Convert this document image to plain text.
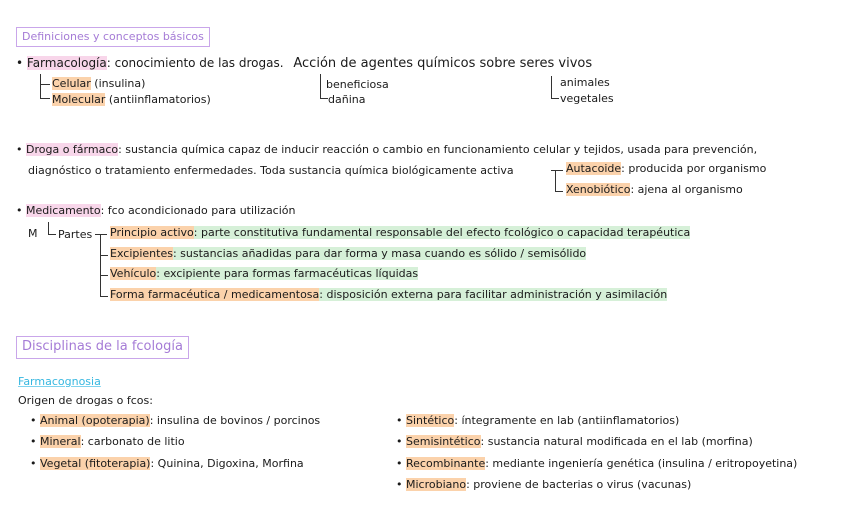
Definiciones y conceptos básicos
• Farmacología: conocimiento de las drogas. Acción de agentes químicos sobre seres vivos
Celular (insulina)
Molecular (antiinflamatorios)
beneficiosa
dañina
animales
vegetales
• Droga o fármaco: sustancia química capaz de inducir reacción o cambio en funcionamiento celular y tejidos, usada para prevención,
diagnóstico o tratamiento enfermedades. Toda sustancia química biológicamente activa	Autacoide: producida por organismo
Xenobiótico: ajena al organismo
• Medicamento: fco acondicionado para utilización
M Partes Principio activo: parte constitutiva fundamental responsable del efecto fcológico o capacidad terapéutica
Excipientes: sustancias añadidas para dar forma y masa cuando es sólido / semisólido
Vehículo: excipiente para formas farmacéuticas líquidas
Forma farmacéutica / medicamentosa: disposición externa para facilitar administración y asimilación
Disciplinas de la fcología
Farmacognosia
Origen de drogas o fcos:
• Animal (opoterapia): insulina de bovinos / porcinos
• Mineral: carbonato de litio
• Vegetal (fitoterapia): Quinina, Digoxina, Morfina
• Sintético: íntegramente en lab (antiinflamatorios)
• Semisintético: sustancia natural modificada en el lab (morfina)
• Recombinante: mediante ingeniería genética (insulina / eritropoyetina)
• Microbiano: proviene de bacterias o virus (vacunas)
